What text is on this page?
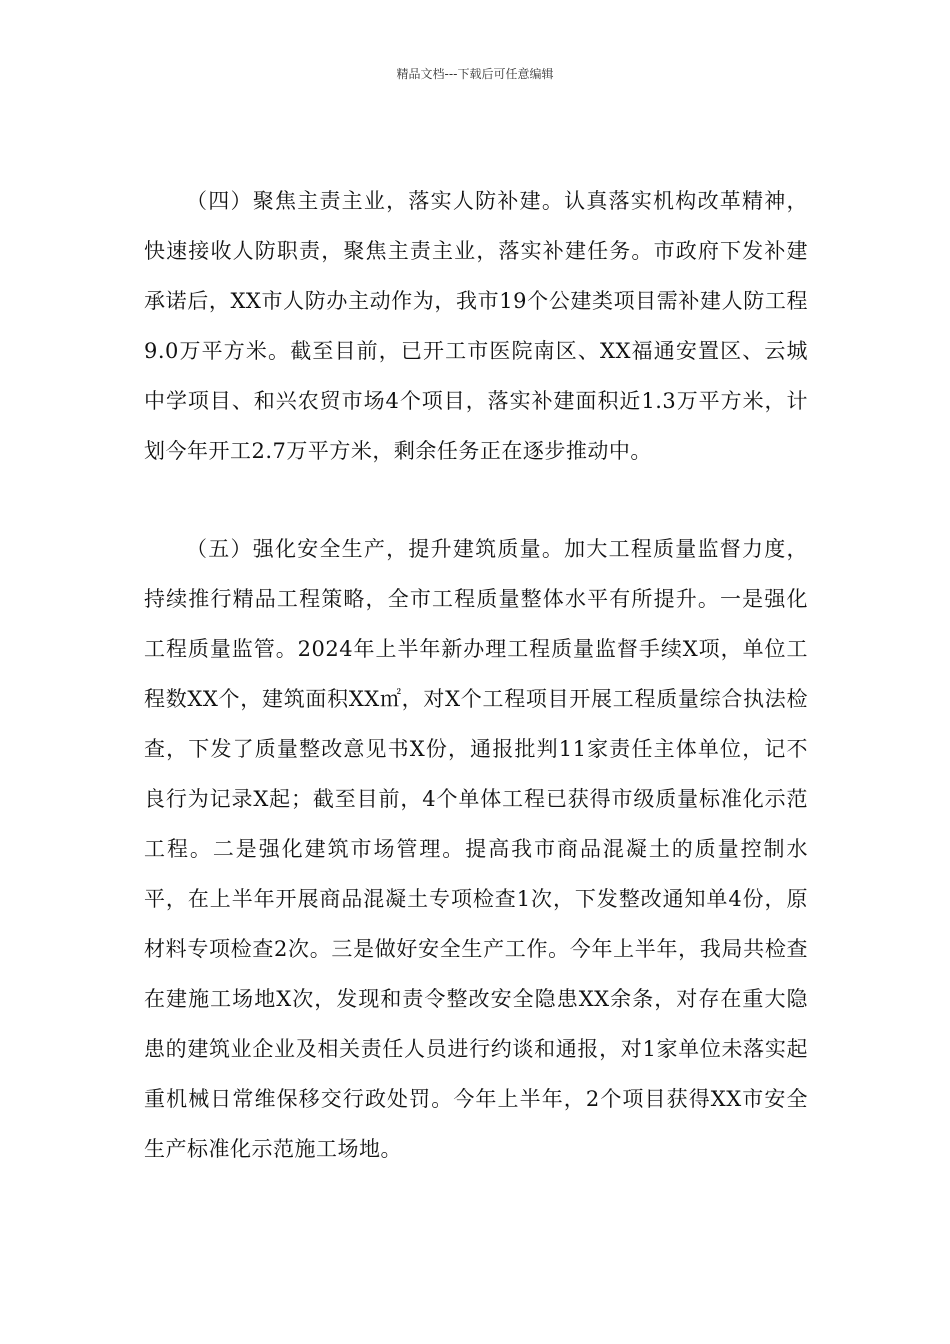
精品文档---下载后可任意编辑

（四）聚焦主责主业，落实人防补建。认真落实机构改革精神，快速接收人防职责，聚焦主责主业，落实补建任务。市政府下发补建承诺后，XX市人防办主动作为，我市19个公建类项目需补建人防工程9.0万平方米。截至目前，已开工市医院南区、XX福通安置区、云城中学项目、和兴农贸市场4个项目，落实补建面积近1.3万平方米，计划今年开工2.7万平方米，剩余任务正在逐步推动中。

（五）强化安全生产，提升建筑质量。加大工程质量监督力度，持续推行精品工程策略，全市工程质量整体水平有所提升。一是强化工程质量监管。2024年上半年新办理工程质量监督手续X项，单位工程数XX个，建筑面积XX㎡，对X个工程项目开展工程质量综合执法检查，下发了质量整改意见书X份，通报批判11家责任主体单位，记不良行为记录X起；截至目前，4个单体工程已获得市级质量标准化示范工程。二是强化建筑市场管理。提高我市商品混凝土的质量控制水平，在上半年开展商品混凝土专项检查1次，下发整改通知单4份，原材料专项检查2次。三是做好安全生产工作。今年上半年，我局共检查在建施工场地X次，发现和责令整改安全隐患XX余条，对存在重大隐患的建筑业企业及相关责任人员进行约谈和通报，对1家单位未落实起重机械日常维保移交行政处罚。今年上半年，2个项目获得XX市安全生产标准化示范施工场地。
